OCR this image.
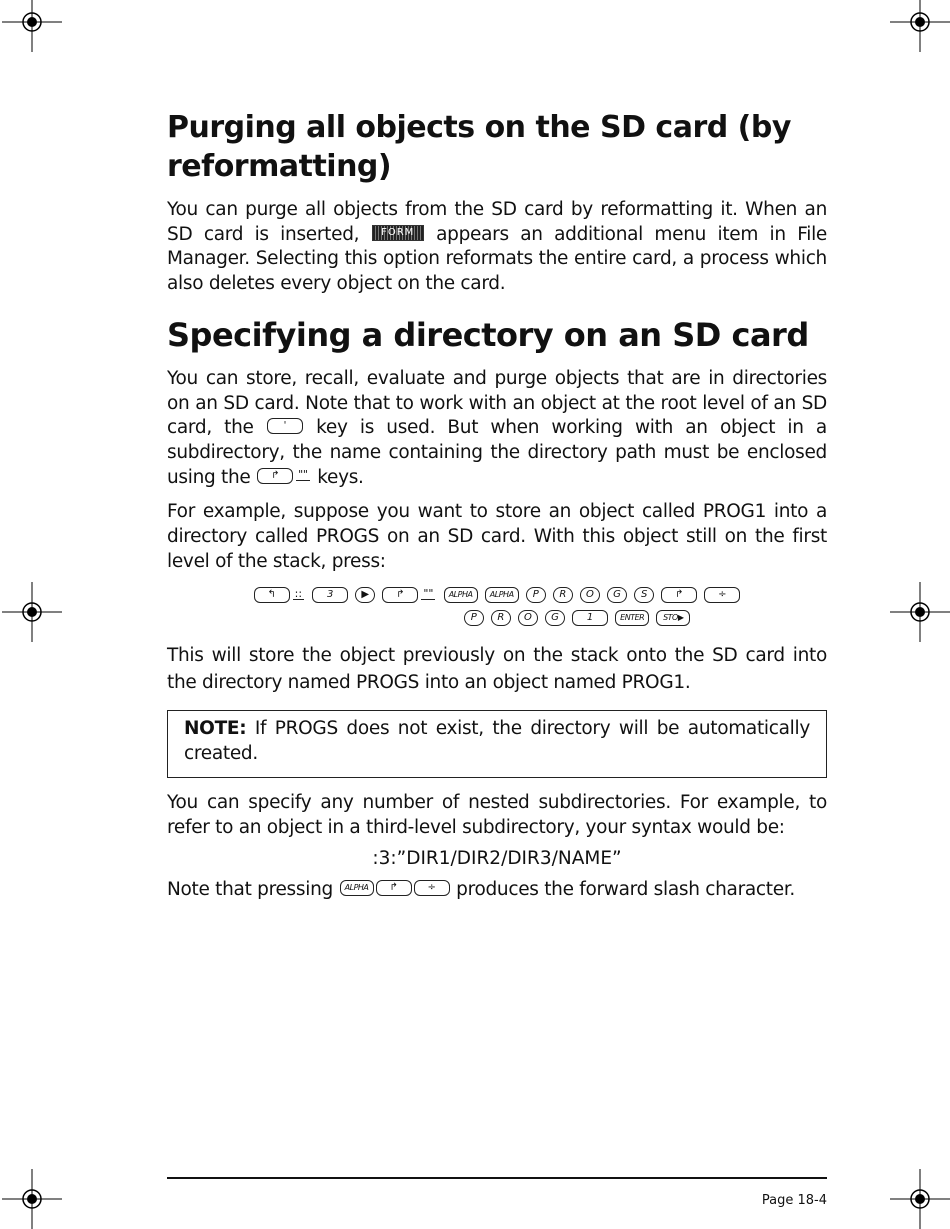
Purging all objects on the SD card (by reformatting)

You can purge all objects from the SD card by reformatting it. When an SD card is inserted, FORM appears an additional menu item in File Manager. Selecting this option reformats the entire card, a process which also deletes every object on the card.

Specifying a directory on an SD card

You can store, recall, evaluate and purge objects that are in directories on an SD card. Note that to work with an object at the root level of an SD card, the	' key is used. But when working with an object in a subdirectory, the name containing the directory path must be enclosed using the ↱ "" keys.

For example, suppose you want to store an object called PROG1 into a directory called PROGS on an SD card. With this object still on the first level of the stack, press:

↰ :: 3	▶	↱ "" ALPHA ALPHA P R O G S	↱	÷
P R O G	1	ENTER STO▶

This will store the object previously on the stack onto the SD card into the directory named PROGS into an object named PROG1.

NOTE: If PROGS does not exist, the directory will be automatically created.

You can specify any number of nested subdirectories. For example, to refer to an object in a third-level subdirectory, your syntax would be:

:3:”DIR1/DIR2/DIR3/NAME”

Note that pressing ALPHA ↱	÷ produces the forward slash character.

Page 18-4
